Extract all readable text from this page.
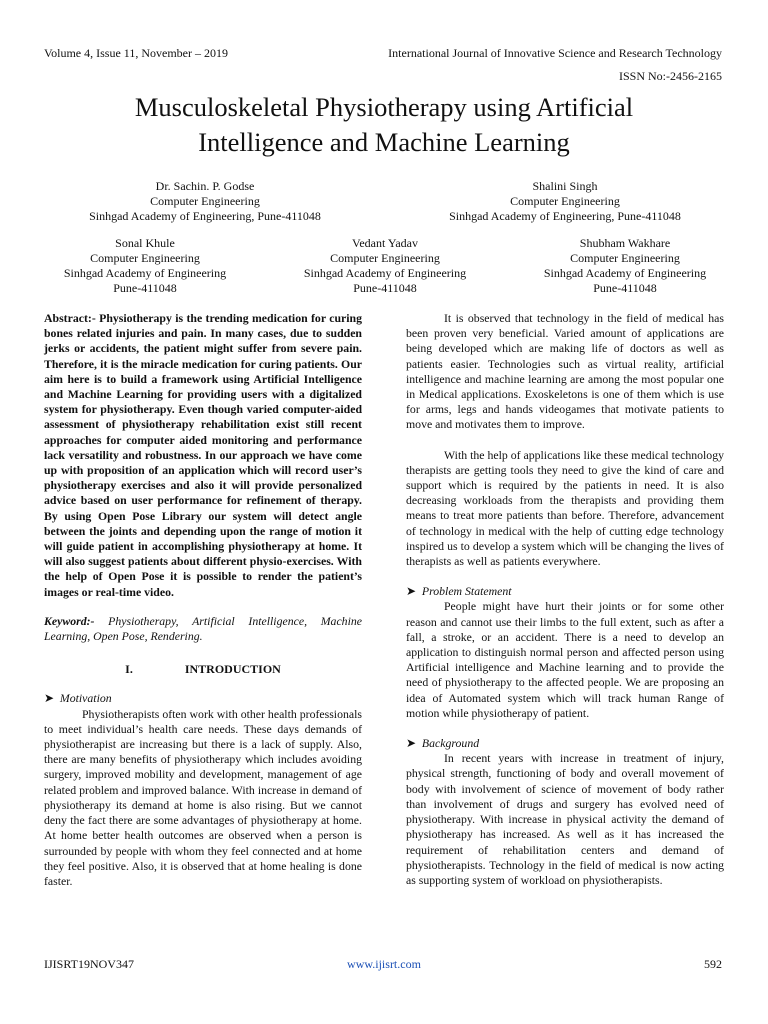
Volume 4, Issue 11, November – 2019	International Journal of Innovative Science and Research Technology
ISSN No:-2456-2165
Musculoskeletal Physiotherapy using Artificial
Intelligence and Machine Learning
Dr. Sachin. P. Godse
Computer Engineering
Sinhgad Academy of Engineering, Pune-411048
Shalini Singh
Computer Engineering
Sinhgad Academy of Engineering, Pune-411048
Sonal Khule
Computer Engineering
Sinhgad Academy of Engineering
Pune-411048
Vedant Yadav
Computer Engineering
Sinhgad Academy of Engineering
Pune-411048
Shubham Wakhare
Computer Engineering
Sinhgad Academy of Engineering
Pune-411048

Abstract:- Physiotherapy is the trending medication for curing bones related injuries and pain. In many cases, due to sudden jerks or accidents, the patient might suffer from severe pain. Therefore, it is the miracle medication for curing patients. Our aim here is to build a framework using Artificial Intelligence and Machine Learning for providing users with a digitalized system for physiotherapy. Even though varied computer-aided assessment of physiotherapy rehabilitation exist still recent approaches for computer aided monitoring and performance lack versatility and robustness. In our approach we have come up with proposition of an application which will record user’s physiotherapy exercises and also it will provide personalized advice based on user performance for refinement of therapy. By using Open Pose Library our system will detect angle between the joints and depending upon the range of motion it will guide patient in accomplishing physiotherapy at home. It will also suggest patients about different physio-exercises. With the help of Open Pose it is possible to render the patient’s images or real-time video.

Keyword:- Physiotherapy, Artificial Intelligence, Machine Learning, Open Pose, Rendering.

I.	INTRODUCTION

➤ Motivation

Physiotherapists often work with other health professionals to meet individual’s health care needs. These days demands of physiotherapist are increasing but there is a lack of supply. Also, there are many benefits of physiotherapy which includes avoiding surgery, improved mobility and development, management of age related problem and improved balance. With increase in demand of physiotherapy its demand at home is also rising. But we cannot deny the fact there are some advantages of physiotherapy at home. At home better health outcomes are observed when a person is surrounded by people with whom they feel connected and at home they feel positive. Also, it is observed that at home healing is done faster.

It is observed that technology in the field of medical has been proven very beneficial. Varied amount of applications are being developed which are making life of doctors as well as patients easier. Technologies such as virtual reality, artificial intelligence and machine learning are among the most popular one in Medical applications. Exoskeletons is one of them which is use for arms, legs and hands videogames that motivate patients to move and motivates them to improve.

With the help of applications like these medical technology therapists are getting tools they need to give the kind of care and support which is required by the patients in need. It is also decreasing workloads from the therapists and providing them means to treat more patients than before. Therefore, advancement of technology in medical with the help of cutting edge technology inspired us to develop a system which will be changing the lives of therapists as well as patients everywhere.

➤ Problem Statement

People might have hurt their joints or for some other reason and cannot use their limbs to the full extent, such as after a fall, a stroke, or an accident. There is a need to develop an application to distinguish normal person and affected person using Artificial intelligence and Machine learning and to provide the need of physiotherapy to the affected people. We are proposing an idea of Automated system which will track human Range of motion while physiotherapy of patient.

➤ Background

In recent years with increase in treatment of injury, physical strength, functioning of body and overall movement of body with involvement of science of movement of body rather than involvement of drugs and surgery has evolved need of physiotherapy. With increase in physical activity the demand of physiotherapy has increased. As well as it has increased the requirement of rehabilitation centers and demand of physiotherapists. Technology in the field of medical is now acting as supporting system of workload on physiotherapists.

IJISRT19NOV347	www.ijisrt.com	592
